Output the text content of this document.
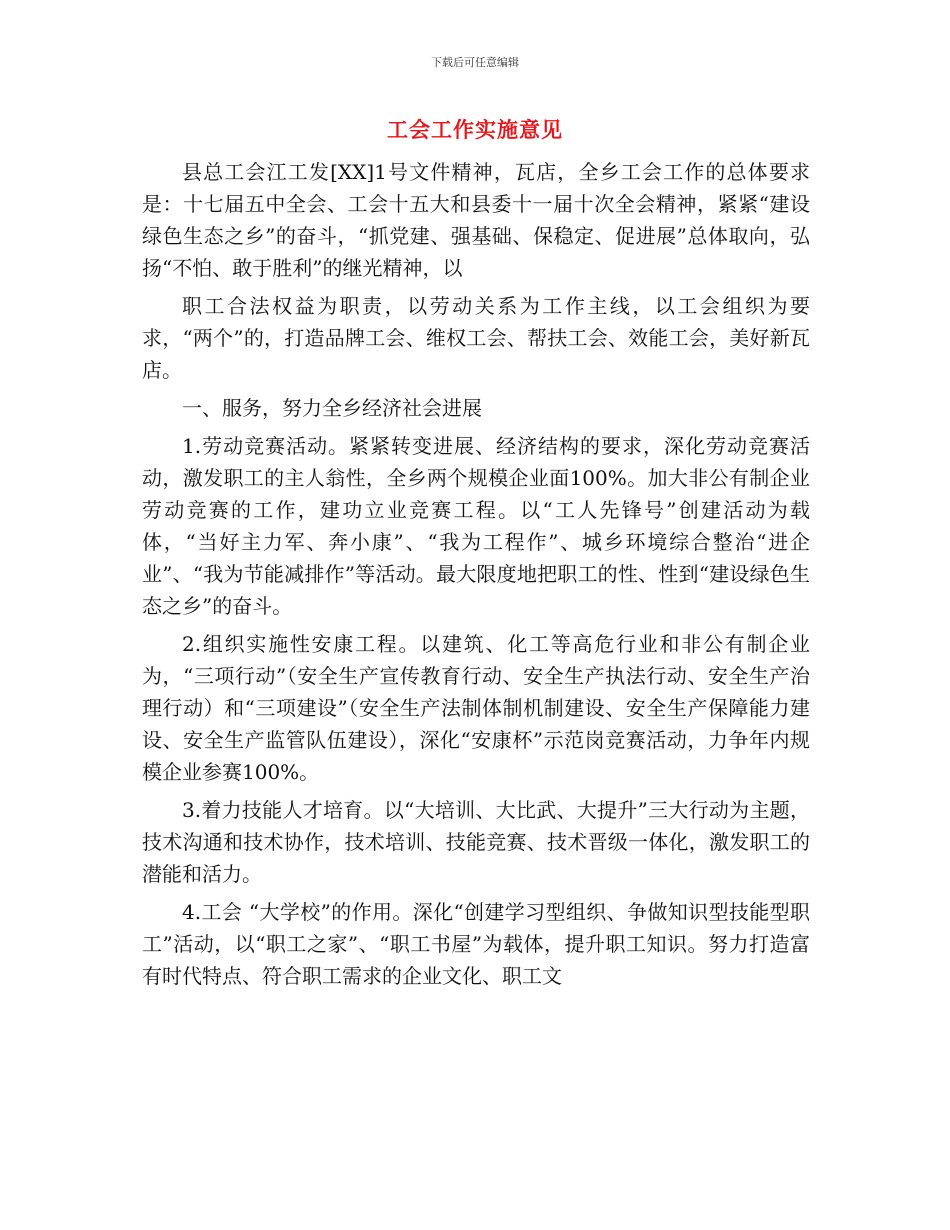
下载后可任意编辑
工会工作实施意见

县总工会江工发[XX]1号文件精神，瓦店，全乡工会工作的总体要求是：十七届五中全会、工会十五大和县委十一届十次全会精神，紧紧“建设绿色生态之乡”的奋斗，“抓党建、强基础、保稳定、促进展”总体取向，弘扬“不怕、敢于胜利”的继光精神，以

职工合法权益为职责，以劳动关系为工作主线，以工会组织为要求，“两个”的，打造品牌工会、维权工会、帮扶工会、效能工会，美好新瓦店。

一、服务，努力全乡经济社会进展

1.劳动竞赛活动。紧紧转变进展、经济结构的要求，深化劳动竞赛活动，激发职工的主人翁性，全乡两个规模企业面100%。加大非公有制企业劳动竞赛的工作，建功立业竞赛工程。以“工人先锋号”创建活动为载体，“当好主力军、奔小康”、“我为工程作”、城乡环境综合整治“进企业”、“我为节能减排作”等活动。最大限度地把职工的性、性到“建设绿色生态之乡”的奋斗。

2.组织实施性安康工程。以建筑、化工等高危行业和非公有制企业为，“三项行动”（安全生产宣传教育行动、安全生产执法行动、安全生产治理行动）和“三项建设”（安全生产法制体制机制建设、安全生产保障能力建设、安全生产监管队伍建设），深化“安康杯”示范岗竞赛活动，力争年内规模企业参赛100%。

3.着力技能人才培育。以“大培训、大比武、大提升”三大行动为主题，技术沟通和技术协作，技术培训、技能竞赛、技术晋级一体化，激发职工的潜能和活力。

4.工会 “大学校”的作用。深化“创建学习型组织、争做知识型技能型职工”活动，以“职工之家”、“职工书屋”为载体，提升职工知识。努力打造富有时代特点、符合职工需求的企业文化、职工文
